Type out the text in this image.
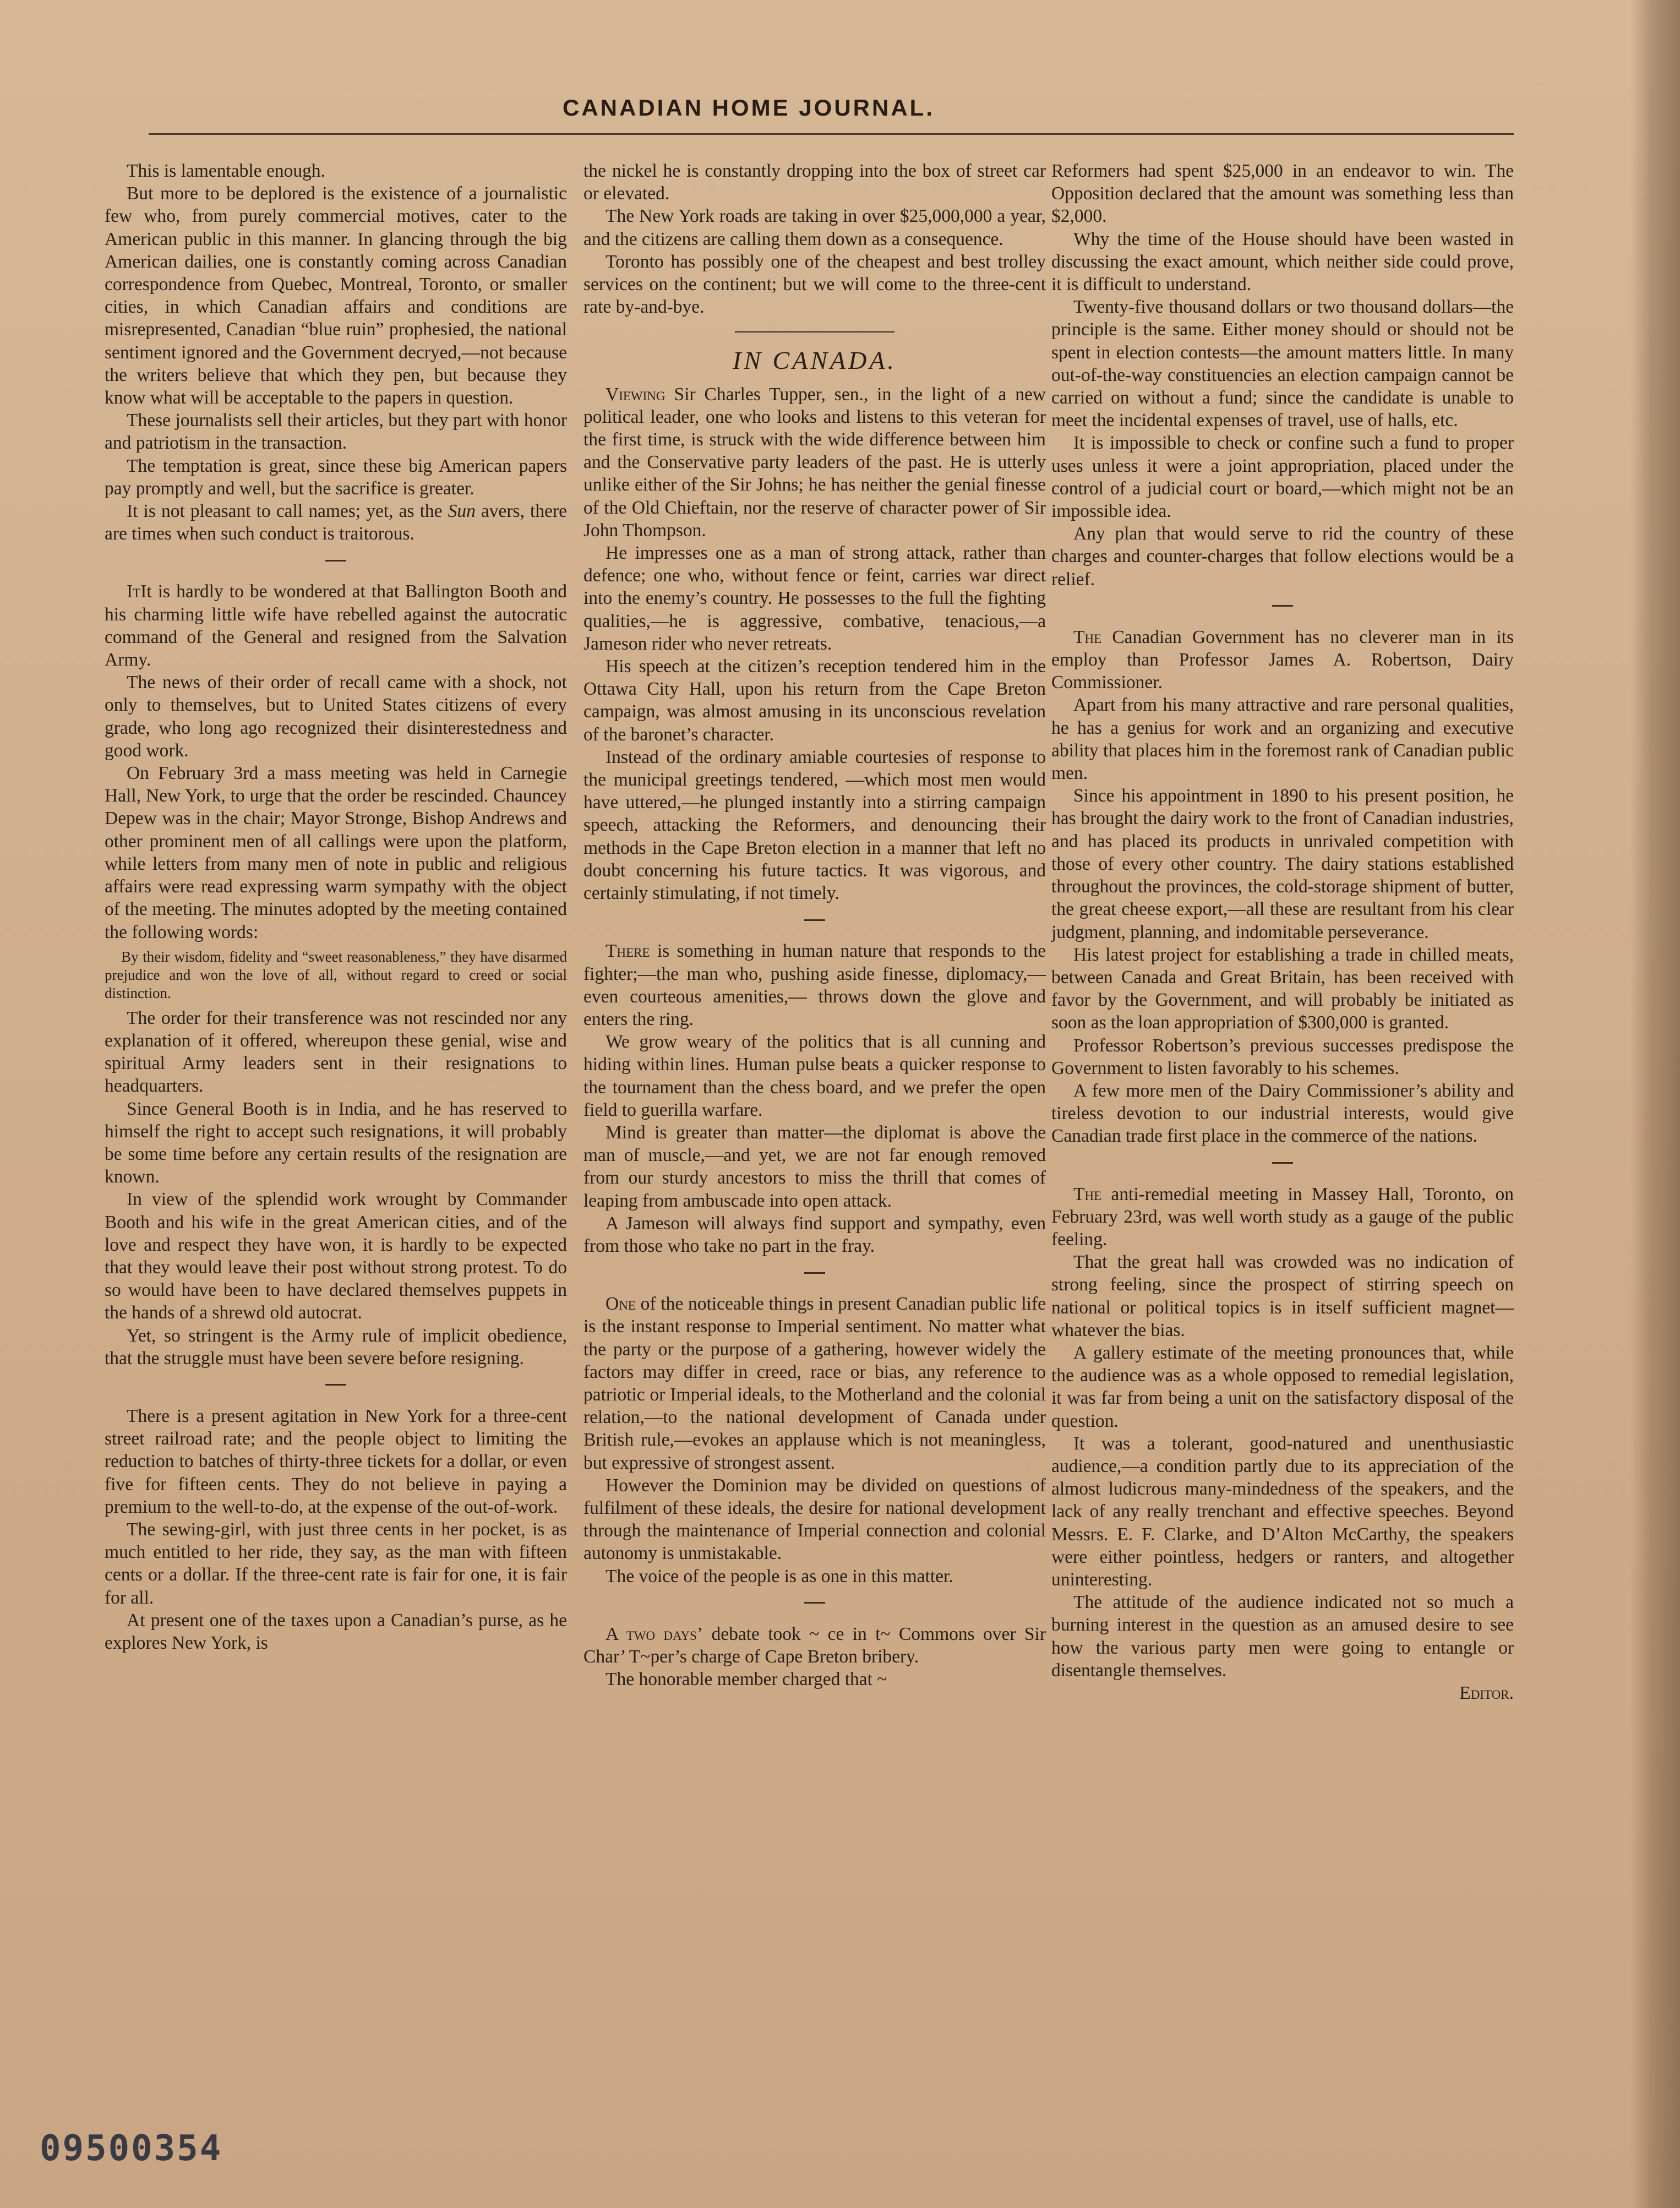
CANADIAN HOME JOURNAL.

This is lamentable enough.

But more to be deplored is the existence of a journalistic few who, from purely commercial motives, cater to the American public in this manner. In glancing through the big American dailies, one is constantly coming across Canadian correspondence from Quebec, Montreal, Toronto, or smaller cities, in which Canadian affairs and conditions are misrepresented, Canadian “blue ruin” prophesied, the national sentiment ignored and the Government decryed,—not because the writers believe that which they pen, but because they know what will be acceptable to the papers in question.

These journalists sell their articles, but they part with honor and patriotism in the transaction.

The temptation is great, since these big American papers pay promptly and well, but the sacrifice is greater.

It is not pleasant to call names; yet, as the Sun avers, there are times when such conduct is traitorous.

ItIt is hardly to be wondered at that Ballington Booth and his charming little wife have rebelled against the autocratic command of the General and resigned from the Salvation Army.

The news of their order of recall came with a shock, not only to themselves, but to United States citizens of every grade, who long ago recognized their disinterestedness and good work.

On February 3rd a mass meeting was held in Carnegie Hall, New York, to urge that the order be rescinded. Chauncey Depew was in the chair; Mayor Stronge, Bishop Andrews and other prominent men of all callings were upon the platform, while letters from many men of note in public and religious affairs were read expressing warm sympathy with the object of the meeting. The minutes adopted by the meeting contained the following words:

By their wisdom, fidelity and “sweet reasonableness,” they have disarmed prejudice and won the love of all, without regard to creed or social distinction.

The order for their transference was not rescinded nor any explanation of it offered, whereupon these genial, wise and spiritual Army leaders sent in their resignations to headquarters.

Since General Booth is in India, and he has reserved to himself the right to accept such resignations, it will probably be some time before any certain results of the resignation are known.

In view of the splendid work wrought by Commander Booth and his wife in the great American cities, and of the love and respect they have won, it is hardly to be expected that they would leave their post without strong protest. To do so would have been to have declared themselves puppets in the hands of a shrewd old autocrat.

Yet, so stringent is the Army rule of implicit obedience, that the struggle must have been severe before resigning.

There is a present agitation in New York for a three-cent street railroad rate; and the people object to limiting the reduction to batches of thirty-three tickets for a dollar, or even five for fifteen cents. They do not believe in paying a premium to the well-to-do, at the expense of the out-of-work.

The sewing-girl, with just three cents in her pocket, is as much entitled to her ride, they say, as the man with fifteen cents or a dollar. If the three-cent rate is fair for one, it is fair for all.

At present one of the taxes upon a Canadian’s purse, as he explores New York, is

the nickel he is constantly dropping into the box of street car or elevated.

The New York roads are taking in over $25,000,000 a year, and the citizens are calling them down as a consequence.

Toronto has possibly one of the cheapest and best trolley services on the continent; but we will come to the three-cent rate by-and-bye.

IN CANADA.

Viewing Sir Charles Tupper, sen., in the light of a new political leader, one who looks and listens to this veteran for the first time, is struck with the wide difference between him and the Conservative party leaders of the past. He is utterly unlike either of the Sir Johns; he has neither the genial finesse of the Old Chieftain, nor the reserve of character power of Sir John Thompson.

He impresses one as a man of strong attack, rather than defence; one who, without fence or feint, carries war direct into the enemy’s country. He possesses to the full the fighting qualities,—he is aggressive, combative, tenacious,—a Jameson rider who never retreats.

His speech at the citizen’s reception tendered him in the Ottawa City Hall, upon his return from the Cape Breton campaign, was almost amusing in its unconscious revelation of the baronet’s character.

Instead of the ordinary amiable courtesies of response to the municipal greetings tendered, —which most men would have uttered,—he plunged instantly into a stirring campaign speech, attacking the Reformers, and denouncing their methods in the Cape Breton election in a manner that left no doubt concerning his future tactics. It was vigorous, and certainly stimulating, if not timely.

There is something in human nature that responds to the fighter;—the man who, pushing aside finesse, diplomacy,—even courteous amenities,— throws down the glove and enters the ring.

We grow weary of the politics that is all cunning and hiding within lines. Human pulse beats a quicker response to the tournament than the chess board, and we prefer the open field to guerilla warfare.

Mind is greater than matter—the diplomat is above the man of muscle,—and yet, we are not far enough removed from our sturdy ancestors to miss the thrill that comes of leaping from ambuscade into open attack.

A Jameson will always find support and sympathy, even from those who take no part in the fray.

One of the noticeable things in present Canadian public life is the instant response to Imperial sentiment. No matter what the party or the purpose of a gathering, however widely the factors may differ in creed, race or bias, any reference to patriotic or Imperial ideals, to the Motherland and the colonial relation,—to the national development of Canada under British rule,—evokes an applause which is not meaningless, but expressive of strongest assent.

However the Dominion may be divided on questions of fulfilment of these ideals, the desire for national development through the maintenance of Imperial connection and colonial autonomy is unmistakable.

The voice of the people is as one in this matter.

A two days’ debate took ~ ce in t~ Commons over Sir Char’ T~per’s charge of Cape Breton bribery.

The honorable member charged that ~

Reformers had spent $25,000 in an endeavor to win. The Opposition declared that the amount was something less than $2,000.

Why the time of the House should have been wasted in discussing the exact amount, which neither side could prove, it is difficult to understand.

Twenty-five thousand dollars or two thousand dollars—the principle is the same. Either money should or should not be spent in election contests—the amount matters little. In many out-of-the-way constituencies an election campaign cannot be carried on without a fund; since the candidate is unable to meet the incidental expenses of travel, use of halls, etc.

It is impossible to check or confine such a fund to proper uses unless it were a joint appropriation, placed under the control of a judicial court or board,—which might not be an impossible idea.

Any plan that would serve to rid the country of these charges and counter-charges that follow elections would be a relief.

The Canadian Government has no cleverer man in its employ than Professor James A. Robertson, Dairy Commissioner.

Apart from his many attractive and rare personal qualities, he has a genius for work and an organizing and executive ability that places him in the foremost rank of Canadian public men.

Since his appointment in 1890 to his present position, he has brought the dairy work to the front of Canadian industries, and has placed its products in unrivaled competition with those of every other country. The dairy stations established throughout the provinces, the cold-storage shipment of butter, the great cheese export,—all these are resultant from his clear judgment, planning, and indomitable perseverance.

His latest project for establishing a trade in chilled meats, between Canada and Great Britain, has been received with favor by the Government, and will probably be initiated as soon as the loan appropriation of $300,000 is granted.

Professor Robertson’s previous successes predispose the Government to listen favorably to his schemes.

A few more men of the Dairy Commissioner’s ability and tireless devotion to our industrial interests, would give Canadian trade first place in the commerce of the nations.

The anti-remedial meeting in Massey Hall, Toronto, on February 23rd, was well worth study as a gauge of the public feeling.

That the great hall was crowded was no indication of strong feeling, since the prospect of stirring speech on national or political topics is in itself sufficient magnet—whatever the bias.

A gallery estimate of the meeting pronounces that, while the audience was as a whole opposed to remedial legislation, it was far from being a unit on the satisfactory disposal of the question.

It was a tolerant, good-natured and unenthusiastic audience,—a condition partly due to its appreciation of the almost ludicrous many-mindedness of the speakers, and the lack of any really trenchant and effective speeches. Beyond Messrs. E. F. Clarke, and D’Alton McCarthy, the speakers were either pointless, hedgers or ranters, and altogether uninteresting.

The attitude of the audience indicated not so much a burning interest in the question as an amused desire to see how the various party men were going to entangle or disentangle themselves.

Editor.

09500354
